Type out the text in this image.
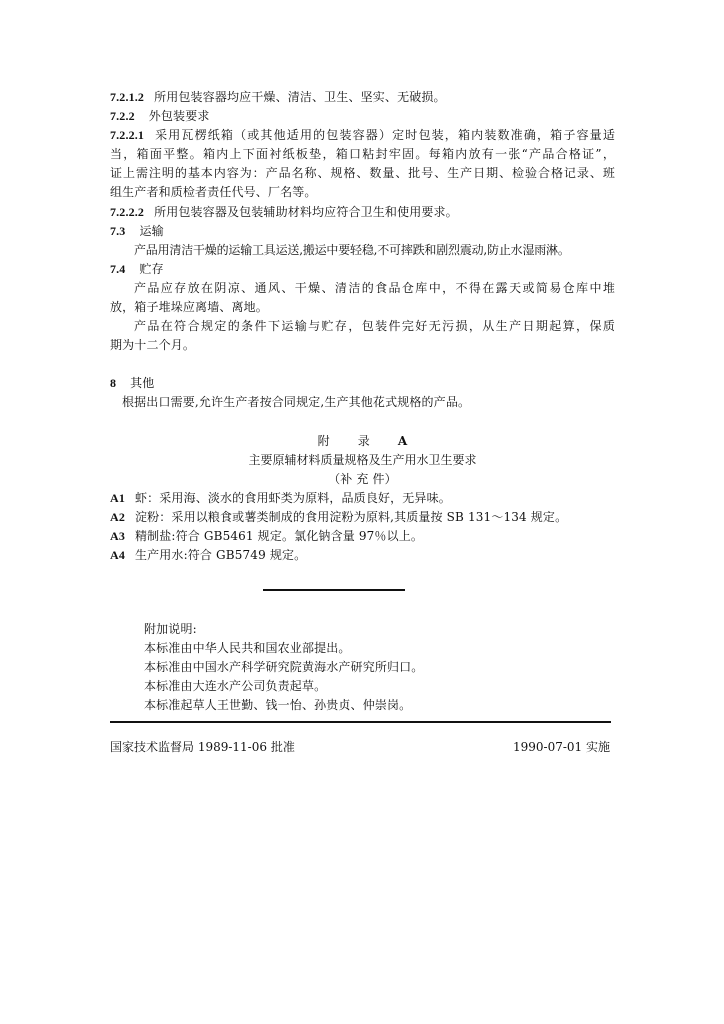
7.2.1.2 所用包装容器均应干燥、清洁、卫生、坚实、无破损。
7.2.2 外包装要求
7.2.2.1 采用瓦楞纸箱（或其他适用的包装容器）定时包装，箱内装数准确，箱子容量适
当，箱面平整。箱内上下面衬纸板垫，箱口粘封牢固。每箱内放有一张“产品合格证”，
证上需注明的基本内容为：产品名称、规格、数量、批号、生产日期、检验合格记录、班
组生产者和质检者责任代号、厂名等。
7.2.2.2 所用包装容器及包装辅助材料均应符合卫生和使用要求。
7.3 运输
产品用清洁干燥的运输工具运送,搬运中要轻稳,不可摔跌和剧烈震动,防止水湿雨淋。
7.4 贮存
产品应存放在阴凉、通风、干燥、清洁的食品仓库中，不得在露天或简易仓库中堆
放，箱子堆垛应离墙、离地。
产品在符合规定的条件下运输与贮存，包装件完好无污损，从生产日期起算，保质
期为十二个月。
8 其他
根据出口需要,允许生产者按合同规定,生产其他花式规格的产品。
附 录 A
主要原辅材料质量规格及生产用水卫生要求
（补 充 件）
A1 虾：采用海、淡水的食用虾类为原料，品质良好，无异味。
A2 淀粉：采用以粮食或薯类制成的食用淀粉为原料,其质量按 SB 131～134 规定。
A3 精制盐:符合 GB5461 规定。氯化钠含量 97％以上。
A4 生产用水:符合 GB5749 规定。
附加说明:
本标准由中华人民共和国农业部提出。
本标准由中国水产科学研究院黄海水产研究所归口。
本标准由大连水产公司负责起草。
本标准起草人王世勤、钱一怡、孙贵贞、仲崇岗。
国家技术监督局 1989-11-06 批准	1990-07-01 实施
